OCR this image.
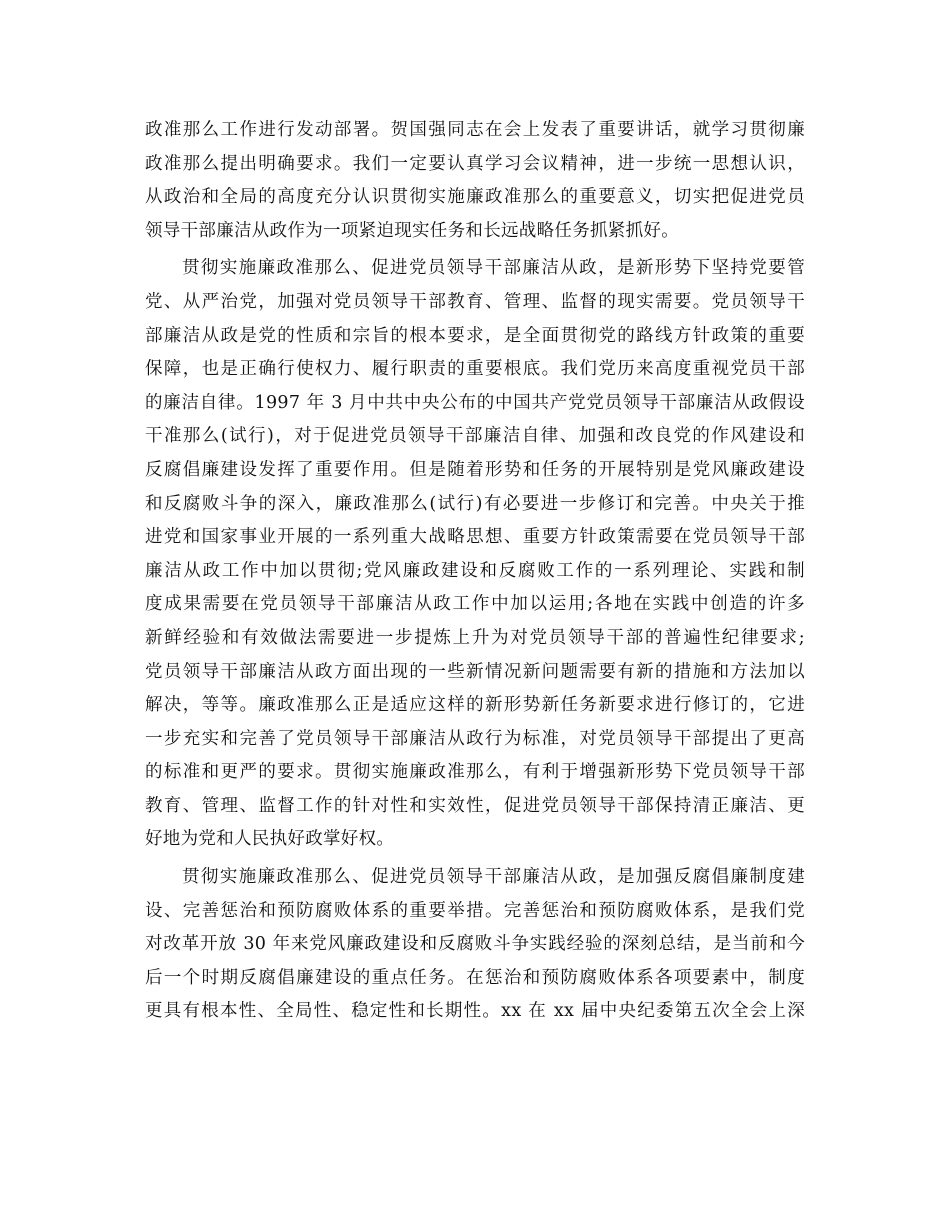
政准那么工作进行发动部署。贺国强同志在会上发表了重要讲话，就学习贯彻廉
政准那么提出明确要求。我们一定要认真学习会议精神，进一步统一思想认识，
从政治和全局的高度充分认识贯彻实施廉政准那么的重要意义，切实把促进党员
领导干部廉洁从政作为一项紧迫现实任务和长远战略任务抓紧抓好。
贯彻实施廉政准那么、促进党员领导干部廉洁从政，是新形势下坚持党要管
党、从严治党，加强对党员领导干部教育、管理、监督的现实需要。党员领导干
部廉洁从政是党的性质和宗旨的根本要求，是全面贯彻党的路线方针政策的重要
保障，也是正确行使权力、履行职责的重要根底。我们党历来高度重视党员干部
的廉洁自律。1997 年 3 月中共中央公布的中国共产党党员领导干部廉洁从政假设
干准那么(试行)，对于促进党员领导干部廉洁自律、加强和改良党的作风建设和
反腐倡廉建设发挥了重要作用。但是随着形势和任务的开展特别是党风廉政建设
和反腐败斗争的深入，廉政准那么(试行)有必要进一步修订和完善。中央关于推
进党和国家事业开展的一系列重大战略思想、重要方针政策需要在党员领导干部
廉洁从政工作中加以贯彻;党风廉政建设和反腐败工作的一系列理论、实践和制
度成果需要在党员领导干部廉洁从政工作中加以运用;各地在实践中创造的许多
新鲜经验和有效做法需要进一步提炼上升为对党员领导干部的普遍性纪律要求;
党员领导干部廉洁从政方面出现的一些新情况新问题需要有新的措施和方法加以
解决，等等。廉政准那么正是适应这样的新形势新任务新要求进行修订的，它进
一步充实和完善了党员领导干部廉洁从政行为标准，对党员领导干部提出了更高
的标准和更严的要求。贯彻实施廉政准那么，有利于增强新形势下党员领导干部
教育、管理、监督工作的针对性和实效性，促进党员领导干部保持清正廉洁、更
好地为党和人民执好政掌好权。
贯彻实施廉政准那么、促进党员领导干部廉洁从政，是加强反腐倡廉制度建
设、完善惩治和预防腐败体系的重要举措。完善惩治和预防腐败体系，是我们党
对改革开放 30 年来党风廉政建设和反腐败斗争实践经验的深刻总结，是当前和今
后一个时期反腐倡廉建设的重点任务。在惩治和预防腐败体系各项要素中，制度
更具有根本性、全局性、稳定性和长期性。xx 在 xx 届中央纪委第五次全会上深
